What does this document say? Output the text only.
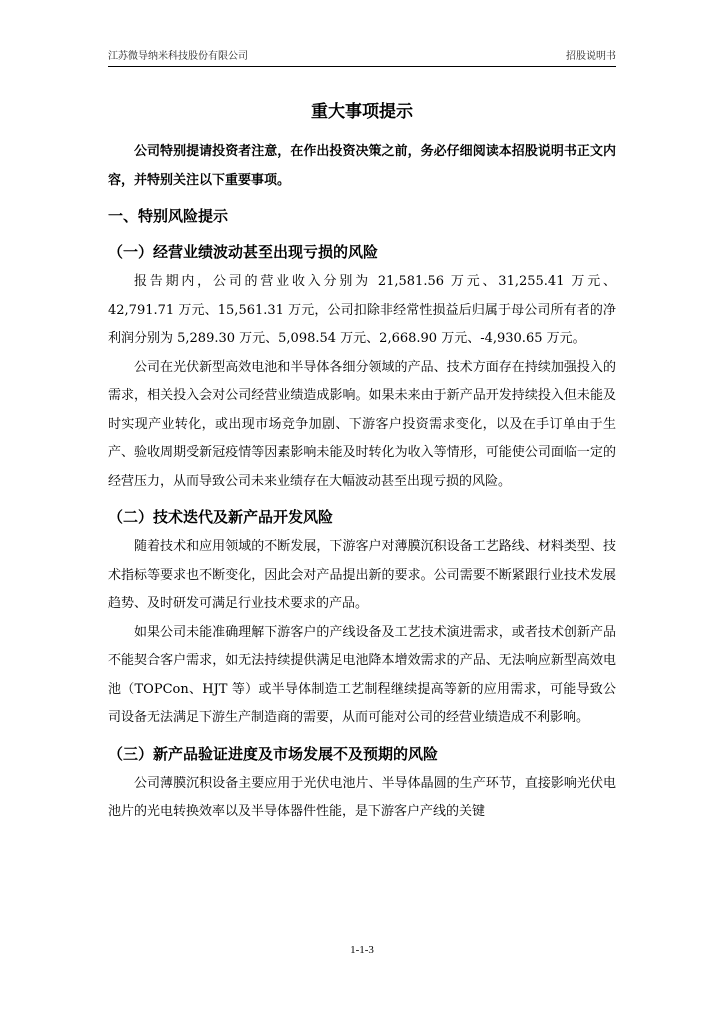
江苏微导纳米科技股份有限公司	招股说明书
重大事项提示

公司特别提请投资者注意，在作出投资决策之前，务必仔细阅读本招股说明书正文内容，并特别关注以下重要事项。

一、特别风险提示
（一）经营业绩波动甚至出现亏损的风险

报告期内，公司的营业收入分别为 21,581.56 万元、31,255.41 万元、42,791.71 万元、15,561.31 万元，公司扣除非经常性损益后归属于母公司所有者的净利润分别为 5,289.30 万元、5,098.54 万元、2,668.90 万元、-4,930.65 万元。

公司在光伏新型高效电池和半导体各细分领域的产品、技术方面存在持续加强投入的需求，相关投入会对公司经营业绩造成影响。如果未来由于新产品开发持续投入但未能及时实现产业转化，或出现市场竞争加剧、下游客户投资需求变化，以及在手订单由于生产、验收周期受新冠疫情等因素影响未能及时转化为收入等情形，可能使公司面临一定的经营压力，从而导致公司未来业绩存在大幅波动甚至出现亏损的风险。

（二）技术迭代及新产品开发风险

随着技术和应用领域的不断发展，下游客户对薄膜沉积设备工艺路线、材料类型、技术指标等要求也不断变化，因此会对产品提出新的要求。公司需要不断紧跟行业技术发展趋势、及时研发可满足行业技术要求的产品。

如果公司未能准确理解下游客户的产线设备及工艺技术演进需求，或者技术创新产品不能契合客户需求，如无法持续提供满足电池降本增效需求的产品、无法响应新型高效电池（TOPCon、HJT 等）或半导体制造工艺制程继续提高等新的应用需求，可能导致公司设备无法满足下游生产制造商的需要，从而可能对公司的经营业绩造成不利影响。

（三）新产品验证进度及市场发展不及预期的风险

公司薄膜沉积设备主要应用于光伏电池片、半导体晶圆的生产环节，直接影响光伏电池片的光电转换效率以及半导体器件性能，是下游客户产线的关键

1-1-3
